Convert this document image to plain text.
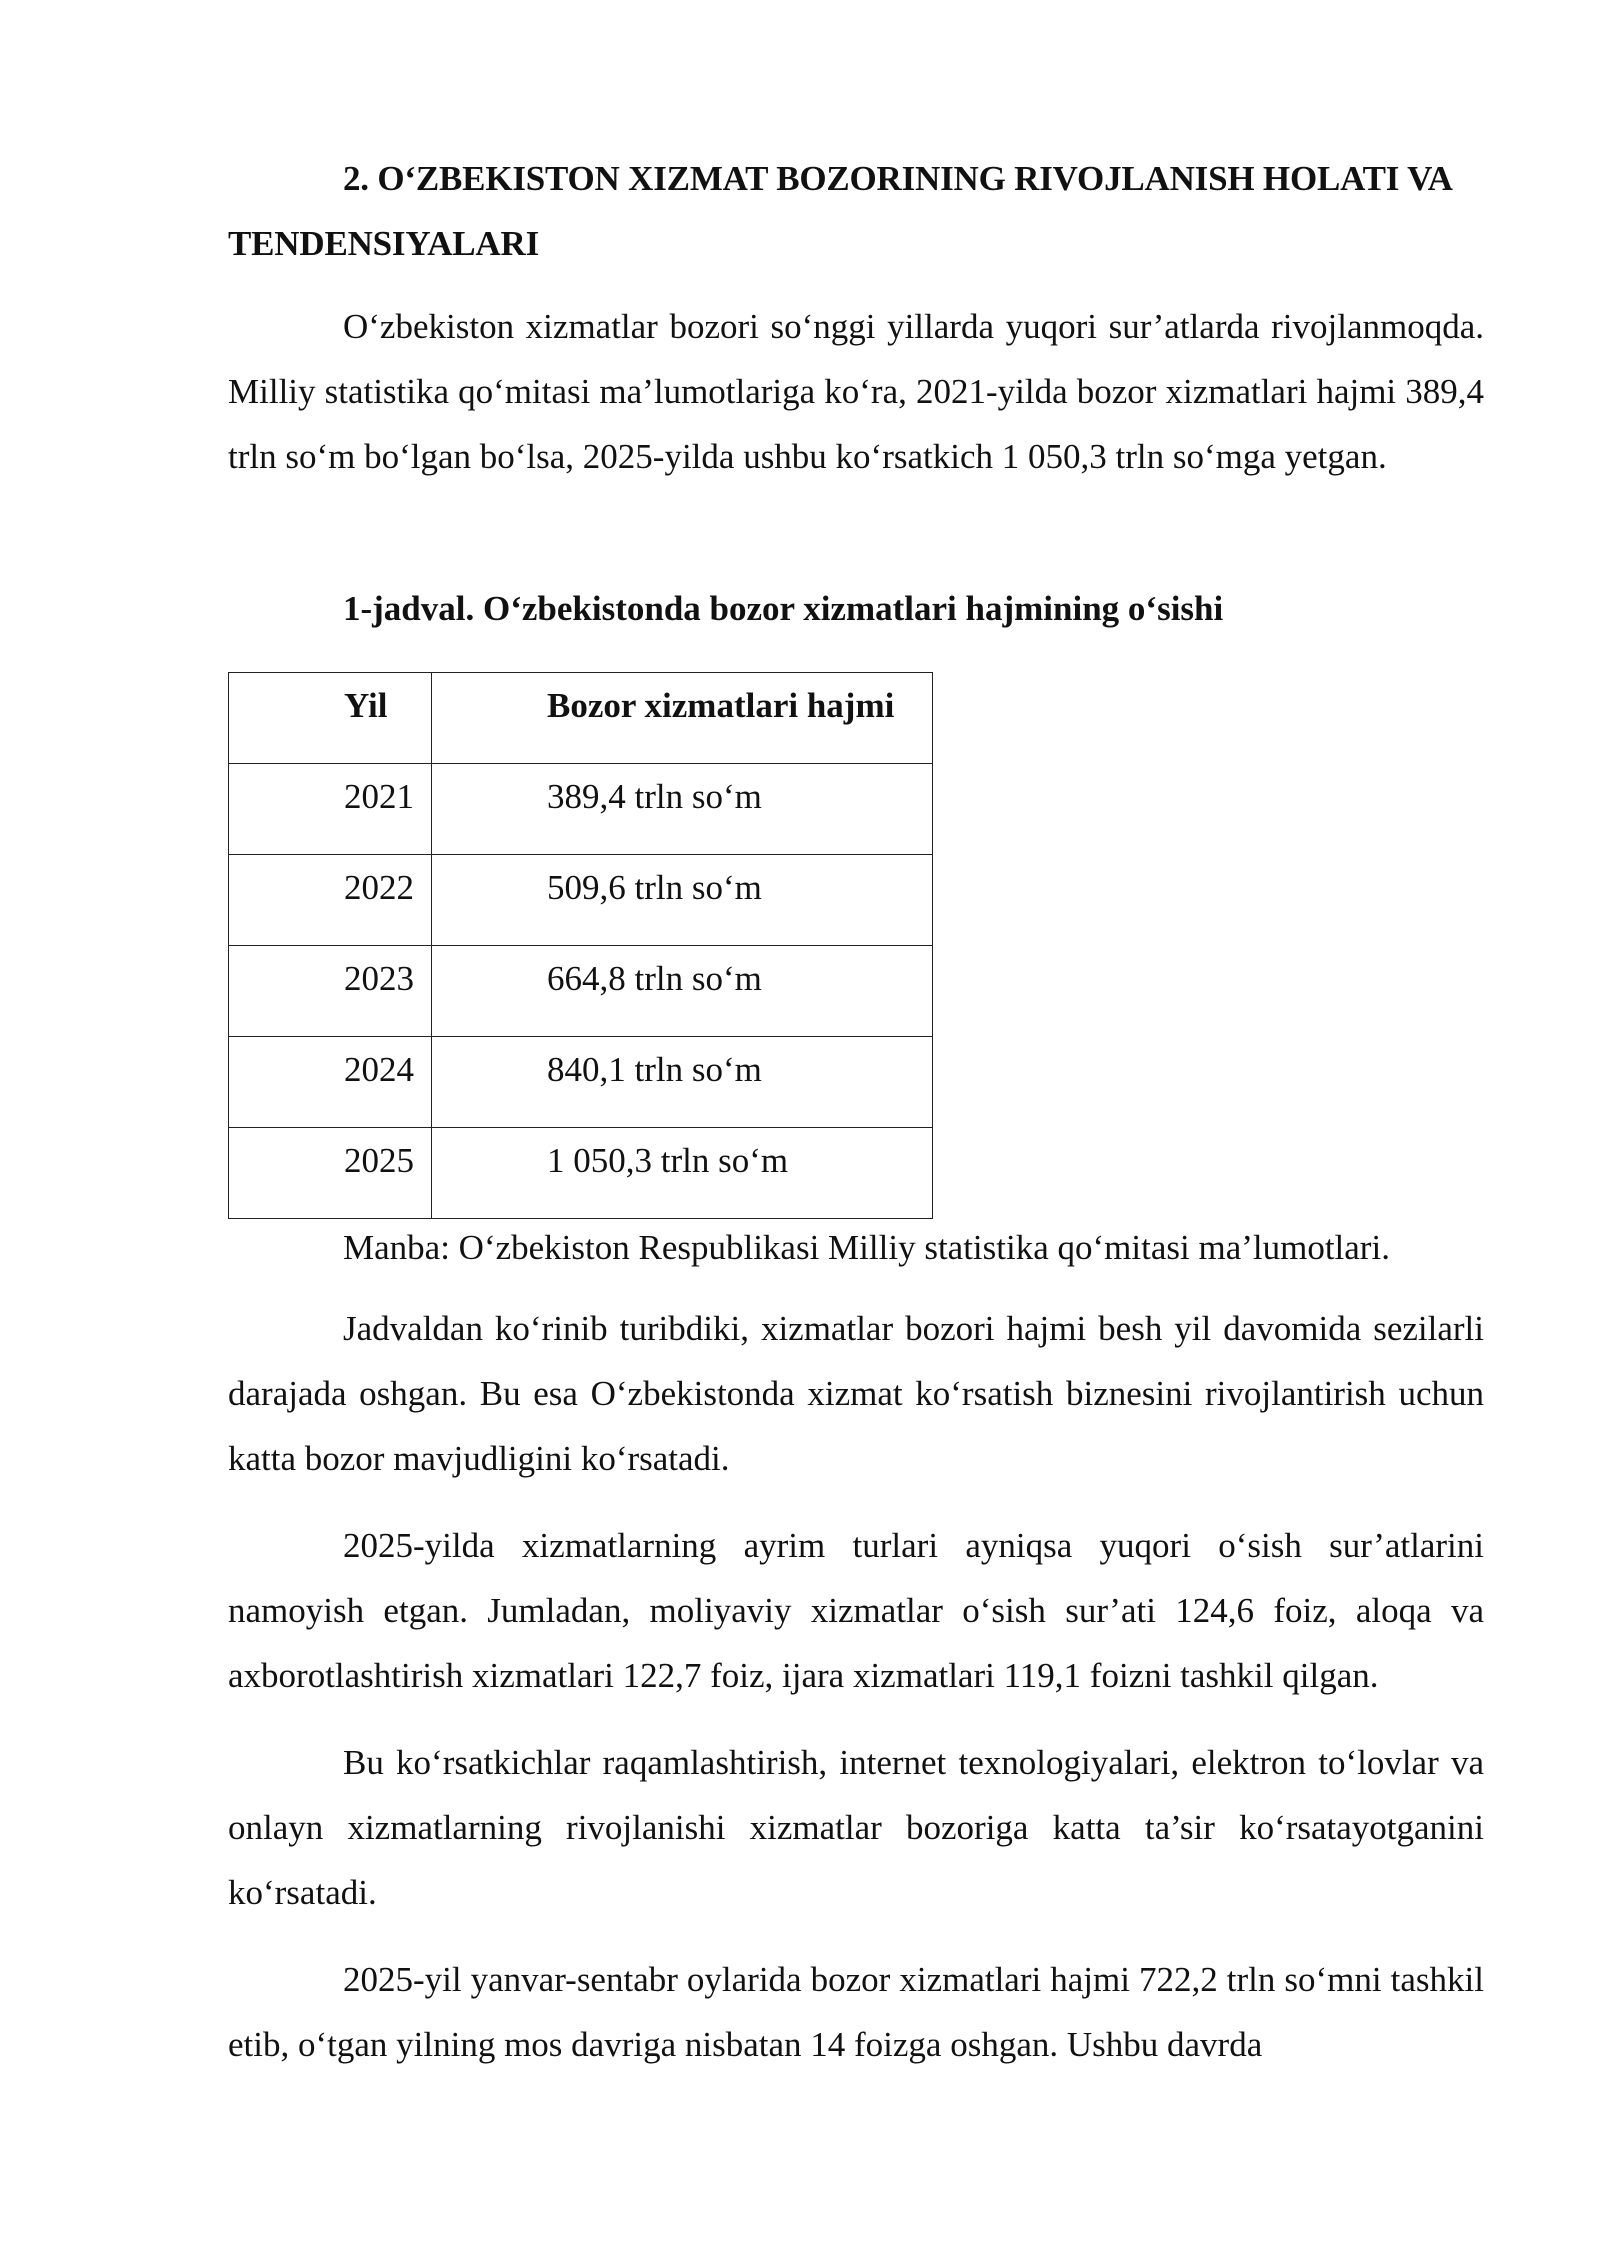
2. O‘ZBEKISTON XIZMAT BOZORINING RIVOJLANISH HOLATI VA TENDENSIYALARI

O‘zbekiston xizmatlar bozori so‘nggi yillarda yuqori sur’atlarda rivojlanmoqda. Milliy statistika qo‘mitasi ma’lumotlariga ko‘ra, 2021-yilda bozor xizmatlari hajmi 389,4 trln so‘m bo‘lgan bo‘lsa, 2025-yilda ushbu ko‘rsatkich 1 050,3 trln so‘mga yetgan.

1-jadval. O‘zbekistonda bozor xizmatlari hajmining o‘sishi

Yil	Bozor xizmatlari hajmi
2021	389,4 trln so‘m
2022	509,6 trln so‘m
2023	664,8 trln so‘m
2024	840,1 trln so‘m
2025	1 050,3 trln so‘m

Manba: O‘zbekiston Respublikasi Milliy statistika qo‘mitasi ma’lumotlari.

Jadvaldan ko‘rinib turibdiki, xizmatlar bozori hajmi besh yil davomida sezilarli darajada oshgan. Bu esa O‘zbekistonda xizmat ko‘rsatish biznesini rivojlantirish uchun katta bozor mavjudligini ko‘rsatadi.

2025-yilda xizmatlarning ayrim turlari ayniqsa yuqori o‘sish sur’atlarini namoyish etgan. Jumladan, moliyaviy xizmatlar o‘sish sur’ati 124,6 foiz, aloqa va axborotlashtirish xizmatlari 122,7 foiz, ijara xizmatlari 119,1 foizni tashkil qilgan.

Bu ko‘rsatkichlar raqamlashtirish, internet texnologiyalari, elektron to‘lovlar va onlayn xizmatlarning rivojlanishi xizmatlar bozoriga katta ta’sir ko‘rsatayotganini ko‘rsatadi.

2025-yil yanvar-sentabr oylarida bozor xizmatlari hajmi 722,2 trln so‘mni tashkil etib, o‘tgan yilning mos davriga nisbatan 14 foizga oshgan. Ushbu davrda
